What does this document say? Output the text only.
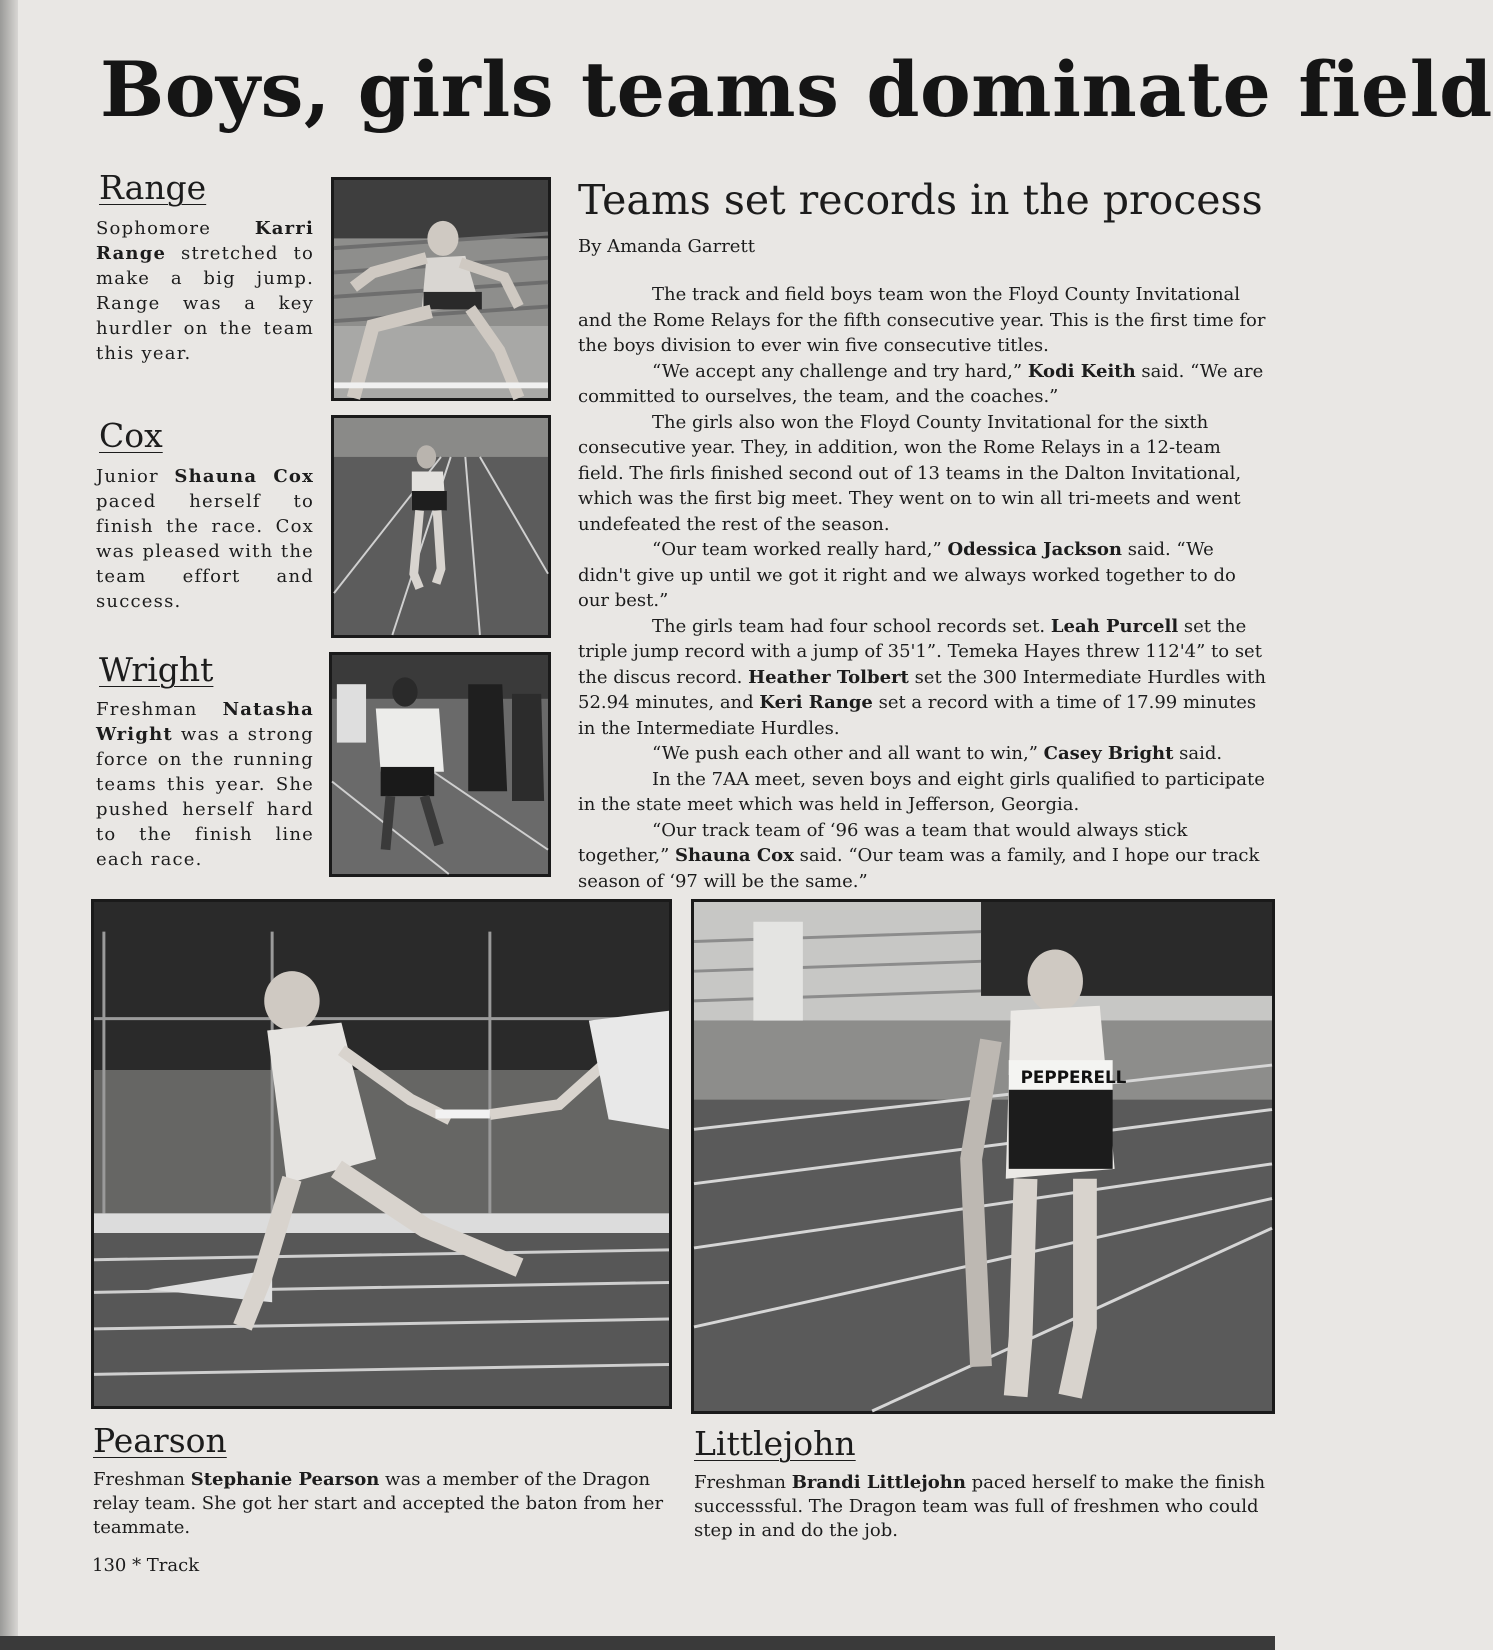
Boys, girls teams dominate field
Range

Sophomore Karri Range stretched to make a big jump. Range was a key hurdler on the team this year.

Cox

Junior Shauna Cox paced herself to finish the race. Cox was pleased with the team effort and success.

Wright

Freshman Natasha Wright was a strong force on the running teams this year. She pushed herself hard to the finish line each race.

Teams set records in the process

By Amanda Garrett

The track and field boys team won the Floyd County Invitational and the Rome Relays for the fifth consecutive year. This is the first time for the boys division to ever win five consecutive titles.

“We accept any challenge and try hard,” Kodi Keith said. “We are committed to ourselves, the team, and the coaches.”

The girls also won the Floyd County Invitational for the sixth consecutive year. They, in addition, won the Rome Relays in a 12-team field. The firls finished second out of 13 teams in the Dalton Invitational, which was the first big meet. They went on to win all tri-meets and went undefeated the rest of the season.

“Our team worked really hard,” Odessica Jackson said. “We didn't give up until we got it right and we always worked together to do our best.”

The girls team had four school records set. Leah Purcell set the triple jump record with a jump of 35'1”. Temeka Hayes threw 112'4” to set the discus record. Heather Tolbert set the 300 Intermediate Hurdles with 52.94 minutes, and Keri Range set a record with a time of 17.99 minutes in the Intermediate Hurdles.

“We push each other and all want to win,” Casey Bright said.

In the 7AA meet, seven boys and eight girls qualified to participate in the state meet which was held in Jefferson, Georgia.

“Our track team of ‘96 was a team that would always stick together,” Shauna Cox said. “Our team was a family, and I hope our track season of ‘97 will be the same.”

PEPPERELL
Pearson

Freshman Stephanie Pearson was a member of the Dragon relay team. She got her start and accepted the baton from her teammate.

Littlejohn

Freshman Brandi Littlejohn paced herself to make the finish successsful. The Dragon team was full of freshmen who could step in and do the job.

130 * Track
